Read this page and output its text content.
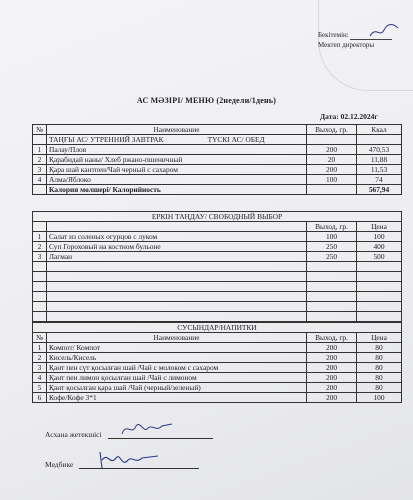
Бекітемін:
Мектеп директоры
АС МӘЗІРІ/ МЕНЮ (2недели/1день)
Дата: 02.12.2024г
№	Наименование	Выход, гр.	Ккал
	ТАҢҒЫ АС/ УТРЕННИЙ ЗАВТРАК ТҮСКІ АС/ ОБЕД		
1	Палау/Плов	200	470,53
2	Қарабидай наны/ Хлеб ржано-пшеничный	20	11,88
3	Қара шай кантпен/Чай черный с сахаром	200	11,53
4	Алма/Яблоко	100	74
	Калория мөлшері/ Калорийность		567,94
ЕРКІН ТАҢДАУ/ СВОБОДНЫЙ ВЫБОР			
		Выход, гр.	Цена
1	Салат из соленых огурцов с луком	100	100
2	Суп Гороховый на костном бульоне	250	400
3	Лагман	250	500

СУСЫНДАР/НАПИТКИ			
№	Наименование	Выход, гр.	Цена
1	Компот/ Компот	200	80
2	Кисель/Кисель	200	80
3	Қант пен сүт қосылған шай /Чай с молоком с сахаром	200	80
4	Қант пен лимон қосылған шай /Чай с лимоном	200	80
5	Қант қосылған қара шай /Чай (черный/зеленый)	200	80
6	Кофе/Кофе 3*1	200	100
Асхана жетекшісі
Медбике
